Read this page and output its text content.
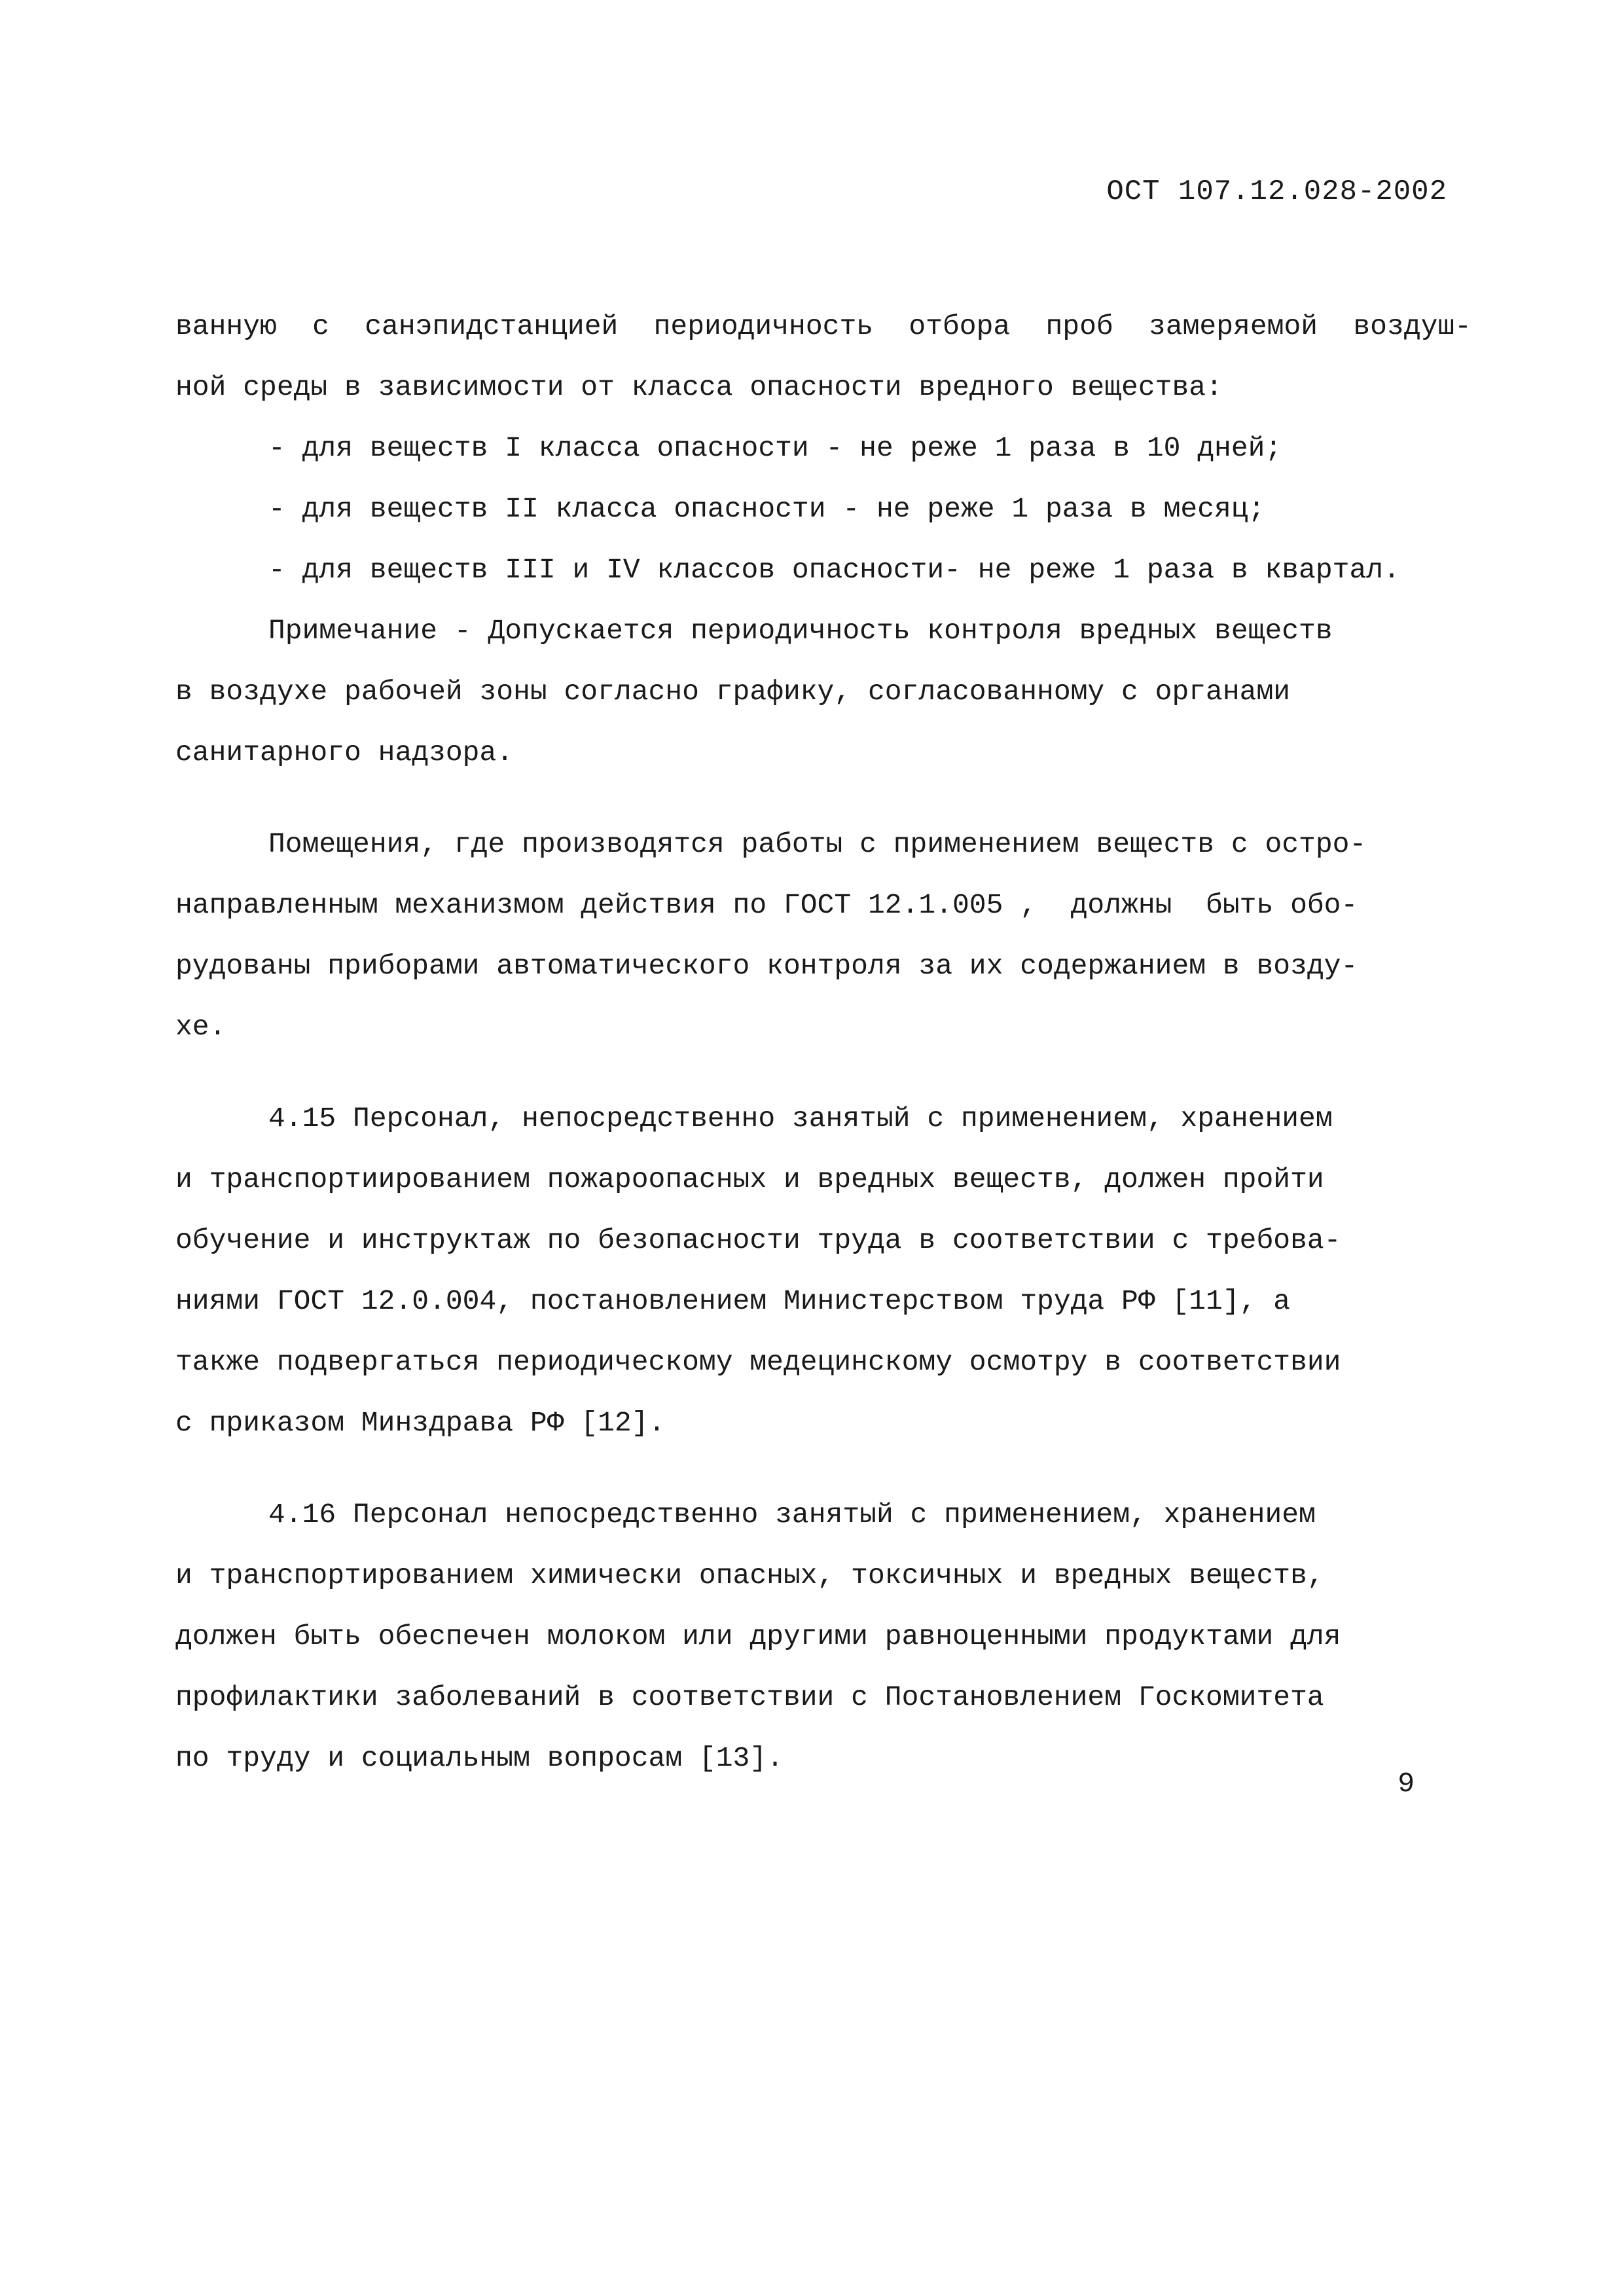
ОСТ 107.12.028-2002
ванную с санэпидстанцией периодичность отбора проб замеряемой воздуш-
ной среды в зависимости от класса опасности вредного вещества:
- для веществ I класса опасности - не реже 1 раза в 10 дней;
- для веществ II класса опасности - не реже 1 раза в месяц;
- для веществ III и IV классов опасности- не реже 1 раза в квартал.
Примечание - Допускается периодичность контроля вредных веществ
в воздухе рабочей зоны согласно графику, согласованному с органами
санитарного надзора.
Помещения, где производятся работы с применением веществ с остро-
направленным механизмом действия по ГОСТ 12.1.005 ,  должны  быть обо-
рудованы приборами автоматического контроля за их содержанием в возду-
хе.
4.15 Персонал, непосредственно занятый с применением, хранением
и транспортиированием пожароопасных и вредных веществ, должен пройти
обучение и инструктаж по безопасности труда в соответствии с требова-
ниями ГОСТ 12.0.004, постановлением Министерством труда РФ [11], а
также подвергаться периодическому медецинскому осмотру в соответствии
с приказом Минздрава РФ [12].
4.16 Персонал непосредственно занятый с применением, хранением
и транспортированием химически опасных, токсичных и вредных веществ,
должен быть обеспечен молоком или другими равноценными продуктами для
профилактики заболеваний в соответствии с Постановлением Госкомитета
по труду и социальным вопросам [13].
9
